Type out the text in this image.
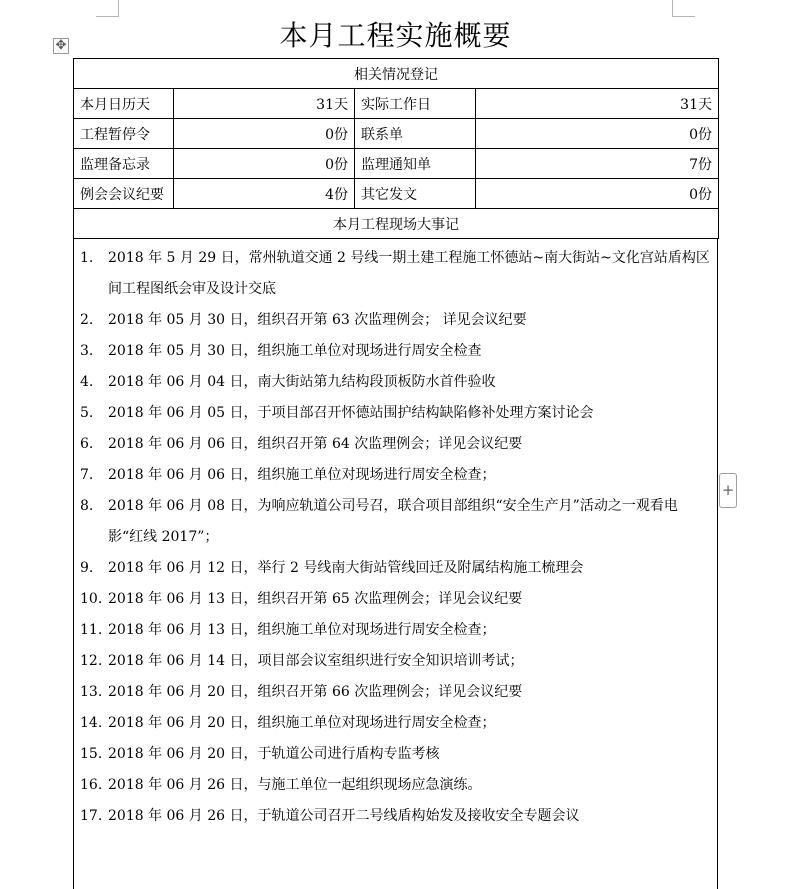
✥	本月工程实施概要
相关情况登记			
本月日历天	31天	实际工作日	31天
工程暂停令	0份	联系单	0份
监理备忘录	0份	监理通知单	7份
例会会议纪要	4份	其它发文	0份
本月工程现场大事记			
1. 2018 年 5 月 29 日，常州轨道交通 2 号线一期土建工程施工怀德站~南大街站~文化宫站盾构区间工程图纸会审及设计交底
2. 2018 年 05 月 30 日，组织召开第 63 次监理例会； 详见会议纪要
3. 2018 年 05 月 30 日，组织施工单位对现场进行周安全检查
4. 2018 年 06 月 04 日，南大街站第九结构段顶板防水首件验收
5. 2018 年 06 月 05 日，于项目部召开怀德站围护结构缺陷修补处理方案讨论会
6. 2018 年 06 月 06 日，组织召开第 64 次监理例会；详见会议纪要
7. 2018 年 06 月 06 日，组织施工单位对现场进行周安全检查；
8. 2018 年 06 月 08 日，为响应轨道公司号召，联合项目部组织“安全生产月”活动之一观看电影“红线 2017”；
9. 2018 年 06 月 12 日，举行 2 号线南大街站管线回迁及附属结构施工梳理会
10. 2018 年 06 月 13 日，组织召开第 65 次监理例会；详见会议纪要
11. 2018 年 06 月 13 日，组织施工单位对现场进行周安全检查；
12. 2018 年 06 月 14 日，项目部会议室组织进行安全知识培训考试；
13. 2018 年 06 月 20 日，组织召开第 66 次监理例会；详见会议纪要
14. 2018 年 06 月 20 日，组织施工单位对现场进行周安全检查；
15. 2018 年 06 月 20 日，于轨道公司进行盾构专监考核
16. 2018 年 06 月 26 日，与施工单位一起组织现场应急演练。
17. 2018 年 06 月 26 日，于轨道公司召开二号线盾构始发及接收安全专题会议
+
